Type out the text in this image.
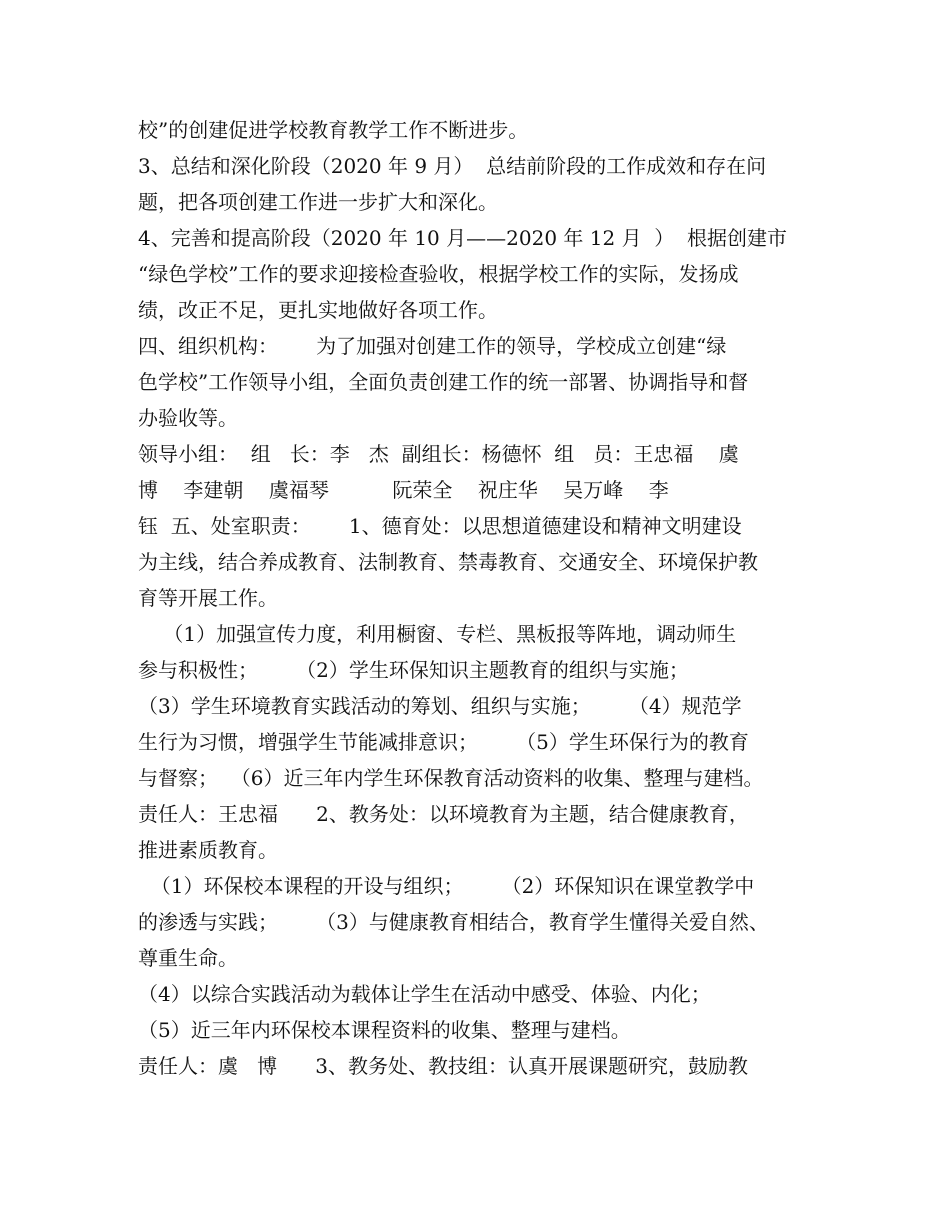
校”的创建促进学校教育教学工作不断进步。
3、总结和深化阶段（2020 年 9 月）  总结前阶段的工作成效和存在问
题，把各项创建工作进一步扩大和深化。
4、完善和提高阶段（2020 年 10 月——2020 年 12 月  ）  根据创建市
“绿色学校”工作的要求迎接检查验收，根据学校工作的实际，发扬成
绩，改正不足，更扎实地做好各项工作。
四、组织机构：      为了加强对创建工作的领导，学校成立创建“绿
色学校”工作领导小组，全面负责创建工作的统一部署、协调指导和督
办验收等。
领导小组：  组   长：李   杰  副组长：杨德怀  组   员：王忠福    虞
博    李建朝    虞福琴          阮荣全    祝庄华    吴万峰    李
钰  五、处室职责：      1、德育处：以思想道德建设和精神文明建设
为主线，结合养成教育、法制教育、禁毒教育、交通安全、环境保护教
育等开展工作。
（1）加强宣传力度，利用橱窗、专栏、黑板报等阵地，调动师生
参与积极性；      （2）学生环保知识主题教育的组织与实施；
（3）学生环境教育实践活动的筹划、组织与实施；      （4）规范学
生行为习惯，增强学生节能减排意识；      （5）学生环保行为的教育
与督察；  （6）近三年内学生环保教育活动资料的收集、整理与建档。
责任人：王忠福      2、教务处：以环境教育为主题，结合健康教育，
推进素质教育。
（1）环保校本课程的开设与组织；      （2）环保知识在课堂教学中
的渗透与实践；      （3）与健康教育相结合，教育学生懂得关爱自然、
尊重生命。
（4）以综合实践活动为载体让学生在活动中感受、体验、内化；
（5）近三年内环保校本课程资料的收集、整理与建档。
责任人：虞   博      3、教务处、教技组：认真开展课题研究，鼓励教
